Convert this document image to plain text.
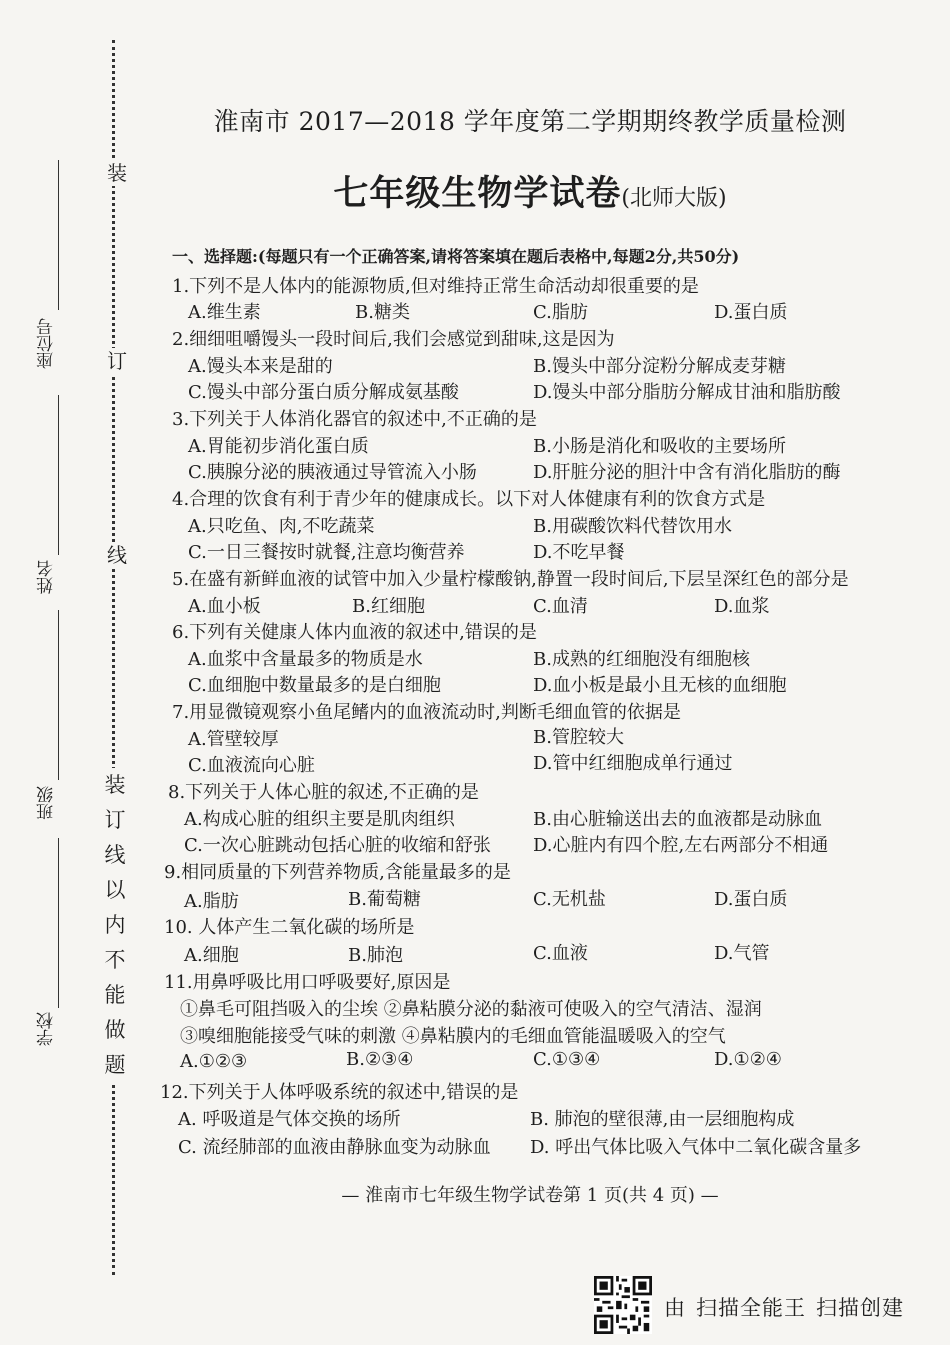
装
订
线
装
订
线
以
内
不
能
做
题
座位号
姓名
班级
学校
淮南市 2017—2018 学年度第二学期期终教学质量检测
七年级生物学试卷(北师大版)
一、选择题:(每题只有一个正确答案,请将答案填在题后表格中,每题2分,共50分)
1.下列不是人体内的能源物质,但对维持正常生命活动却很重要的是
A.维生素	B.糖类	C.脂肪	D.蛋白质
2.细细咀嚼馒头一段时间后,我们会感觉到甜味,这是因为
A.馒头本来是甜的	B.馒头中部分淀粉分解成麦芽糖
C.馒头中部分蛋白质分解成氨基酸	D.馒头中部分脂肪分解成甘油和脂肪酸
3.下列关于人体消化器官的叙述中,不正确的是
A.胃能初步消化蛋白质	B.小肠是消化和吸收的主要场所
C.胰腺分泌的胰液通过导管流入小肠	D.肝脏分泌的胆汁中含有消化脂肪的酶
4.合理的饮食有利于青少年的健康成长。以下对人体健康有利的饮食方式是
A.只吃鱼、肉,不吃蔬菜	B.用碳酸饮料代替饮用水
C.一日三餐按时就餐,注意均衡营养	D.不吃早餐
5.在盛有新鲜血液的试管中加入少量柠檬酸钠,静置一段时间后,下层呈深红色的部分是
A.血小板	B.红细胞	C.血清	D.血浆
6.下列有关健康人体内血液的叙述中,错误的是
A.血浆中含量最多的物质是水	B.成熟的红细胞没有细胞核
C.血细胞中数量最多的是白细胞	D.血小板是最小且无核的血细胞
7.用显微镜观察小鱼尾鳍内的血液流动时,判断毛细血管的依据是
A.管壁较厚	B.管腔较大
C.血液流向心脏	D.管中红细胞成单行通过
8.下列关于人体心脏的叙述,不正确的是
A.构成心脏的组织主要是肌肉组织	B.由心脏输送出去的血液都是动脉血
C.一次心脏跳动包括心脏的收缩和舒张 D.心脏内有四个腔,左右两部分不相通
9.相同质量的下列营养物质,含能量最多的是
A.脂肪	B.葡萄糖	C.无机盐	D.蛋白质
10. 人体产生二氧化碳的场所是
A.细胞	B.肺泡	C.血液	D.气管
11.用鼻呼吸比用口呼吸要好,原因是
①鼻毛可阻挡吸入的尘埃 ②鼻粘膜分泌的黏液可使吸入的空气清洁、湿润
③嗅细胞能接受气味的刺激 ④鼻粘膜内的毛细血管能温暖吸入的空气
A.①②③	B.②③④	C.①③④	D.①②④
12.下列关于人体呼吸系统的叙述中,错误的是
A. 呼吸道是气体交换的场所	B. 肺泡的壁很薄,由一层细胞构成
C. 流经肺部的血液由静脉血变为动脉血 D. 呼出气体比吸入气体中二氧化碳含量多
— 淮南市七年级生物学试卷第 1 页(共 4 页) —
由 扫描全能王 扫描创建
